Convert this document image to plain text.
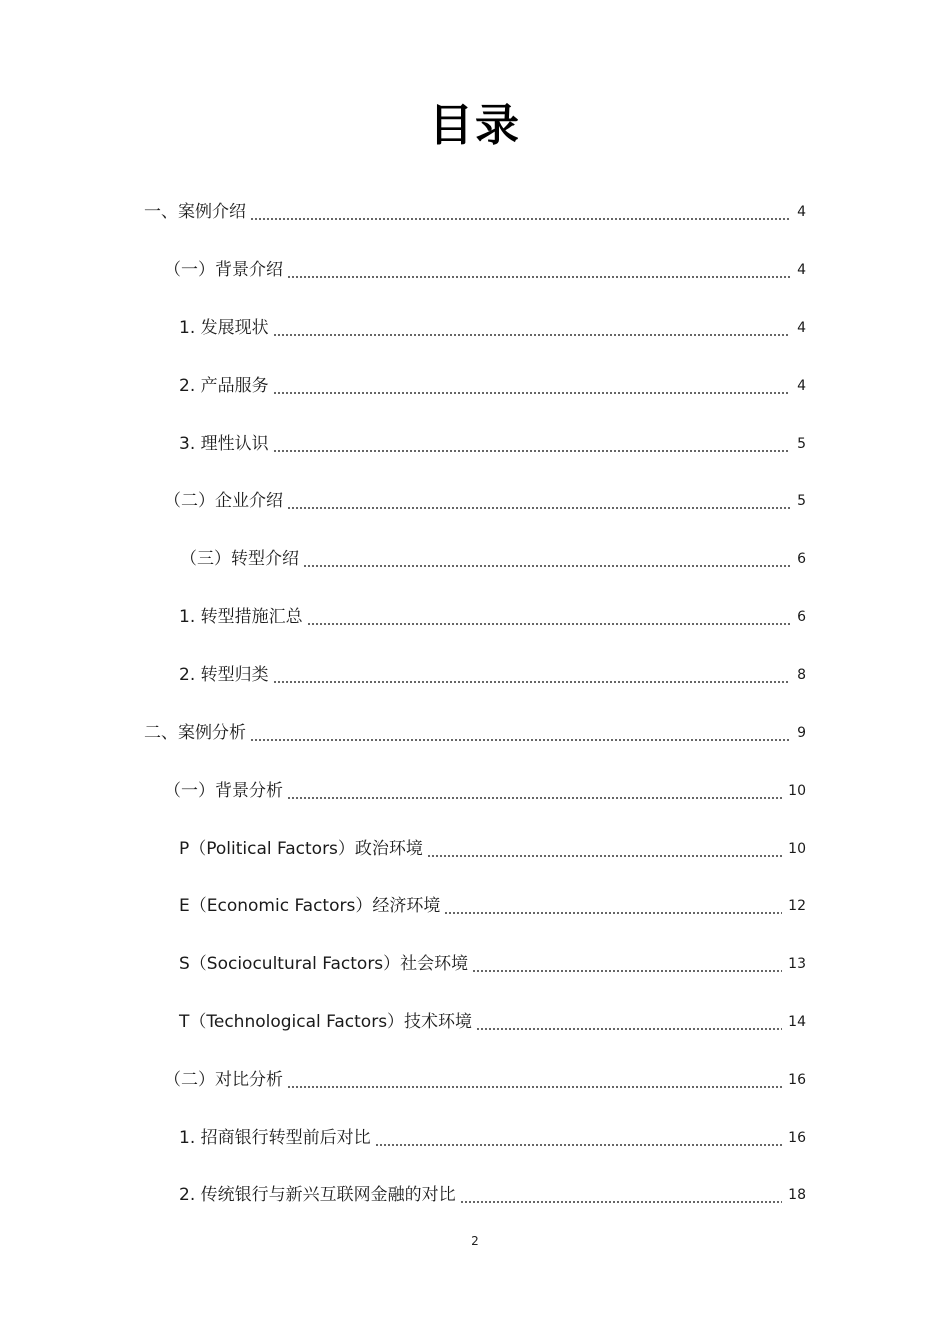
目录
一、案例介绍	4
（一）背景介绍	4
1. 发展现状	4
2. 产品服务	4
3. 理性认识	5
（二）企业介绍	5
（三）转型介绍	6
1. 转型措施汇总	6
2. 转型归类	8
二、案例分析	9
（一）背景分析	10
P（Political Factors）政治环境	10
E（Economic Factors）经济环境	12
S（Sociocultural Factors）社会环境	13
T（Technological Factors）技术环境	14
（二）对比分析	16
1. 招商银行转型前后对比	16
2. 传统银行与新兴互联网金融的对比	18
2
